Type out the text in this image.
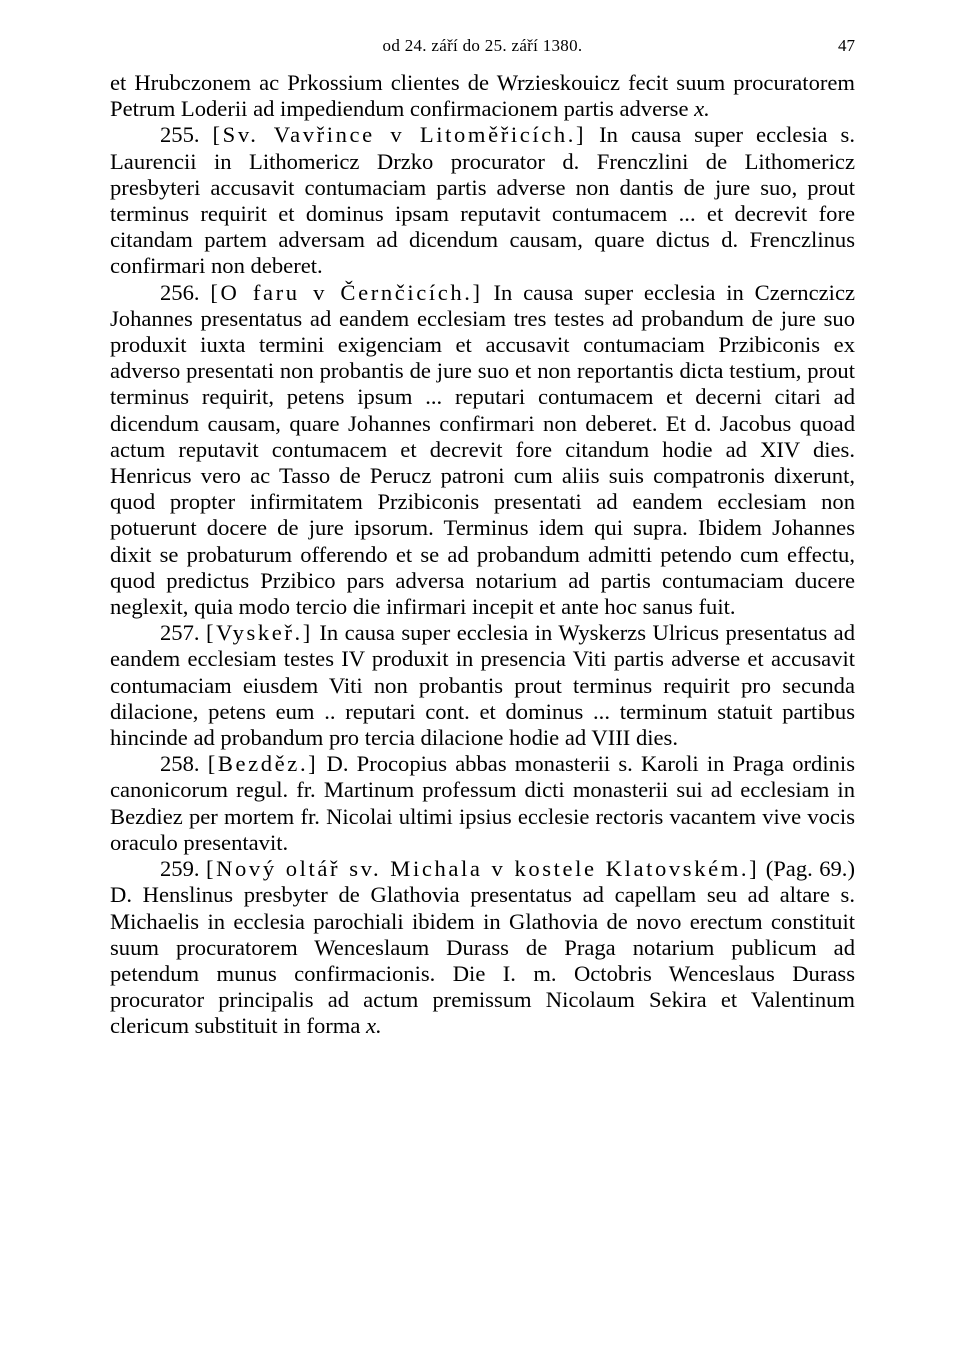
od 24. září do 25. září 1380.	47

et Hrubczonem ac Prkossium clientes de Wrzieskouicz fecit suum procuratorem Petrum Loderii ad impediendum confirmacionem partis adverse x.

255. [Sv. Vavřince v Litoměřicích.] In causa super ecclesia s. Laurencii in Lithomericz Drzko procurator d. Frenczlini de Lithomericz presbyteri accusavit contumaciam partis adverse non dantis de jure suo, prout terminus requirit et dominus ipsam reputavit contumacem ... et decrevit fore citandam partem adversam ad dicendum causam, quare dictus d. Frenczlinus confirmari non deberet.

256. [O faru v Černčicích.] In causa super ecclesia in Czernczicz Johannes presentatus ad eandem ecclesiam tres testes ad probandum de jure suo produxit iuxta termini exigenciam et accusavit contumaciam Przibiconis ex adverso presentati non probantis de jure suo et non reportantis dicta testium, prout terminus requirit, petens ipsum ... reputari contumacem et decerni citari ad dicendum causam, quare Johannes confirmari non deberet. Et d. Jacobus quoad actum reputavit contumacem et decrevit fore citandum hodie ad XIV dies. Henricus vero ac Tasso de Perucz patroni cum aliis suis compatronis dixerunt, quod propter infirmitatem Przibiconis presentati ad eandem ecclesiam non potuerunt docere de jure ipsorum. Terminus idem qui supra. Ibidem Johannes dixit se probaturum offerendo et se ad probandum admitti petendo cum effectu, quod predictus Przibico pars adversa notarium ad partis contumaciam ducere neglexit, quia modo tercio die infirmari incepit et ante hoc sanus fuit.

257. [Vyskeř.] In causa super ecclesia in Wyskerzs Ulricus presentatus ad eandem ecclesiam testes IV produxit in presencia Viti partis adverse et accusavit contumaciam eiusdem Viti non probantis prout terminus requirit pro secunda dilacione, petens eum .. reputari cont. et dominus ... terminum statuit partibus hincinde ad probandum pro tercia dilacione hodie ad VIII dies.

258. [Bezděz.] D. Procopius abbas monasterii s. Karoli in Praga ordinis canonicorum regul. fr. Martinum professum dicti monasterii sui ad ecclesiam in Bezdiez per mortem fr. Nicolai ultimi ipsius ecclesie rectoris vacantem vive vocis oraculo presentavit.

259. [Nový oltář sv. Michala v kostele Klatovském.] (Pag. 69.) D. Henslinus presbyter de Glathovia presentatus ad capellam seu ad altare s. Michaelis in ecclesia parochiali ibidem in Glathovia de novo erectum constituit suum procuratorem Wenceslaum Durass de Praga notarium publicum ad petendum munus confirmacionis. Die I. m. Octobris Wenceslaus Durass procurator principalis ad actum premissum Nicolaum Sekira et Valentinum clericum substituit in forma x.
